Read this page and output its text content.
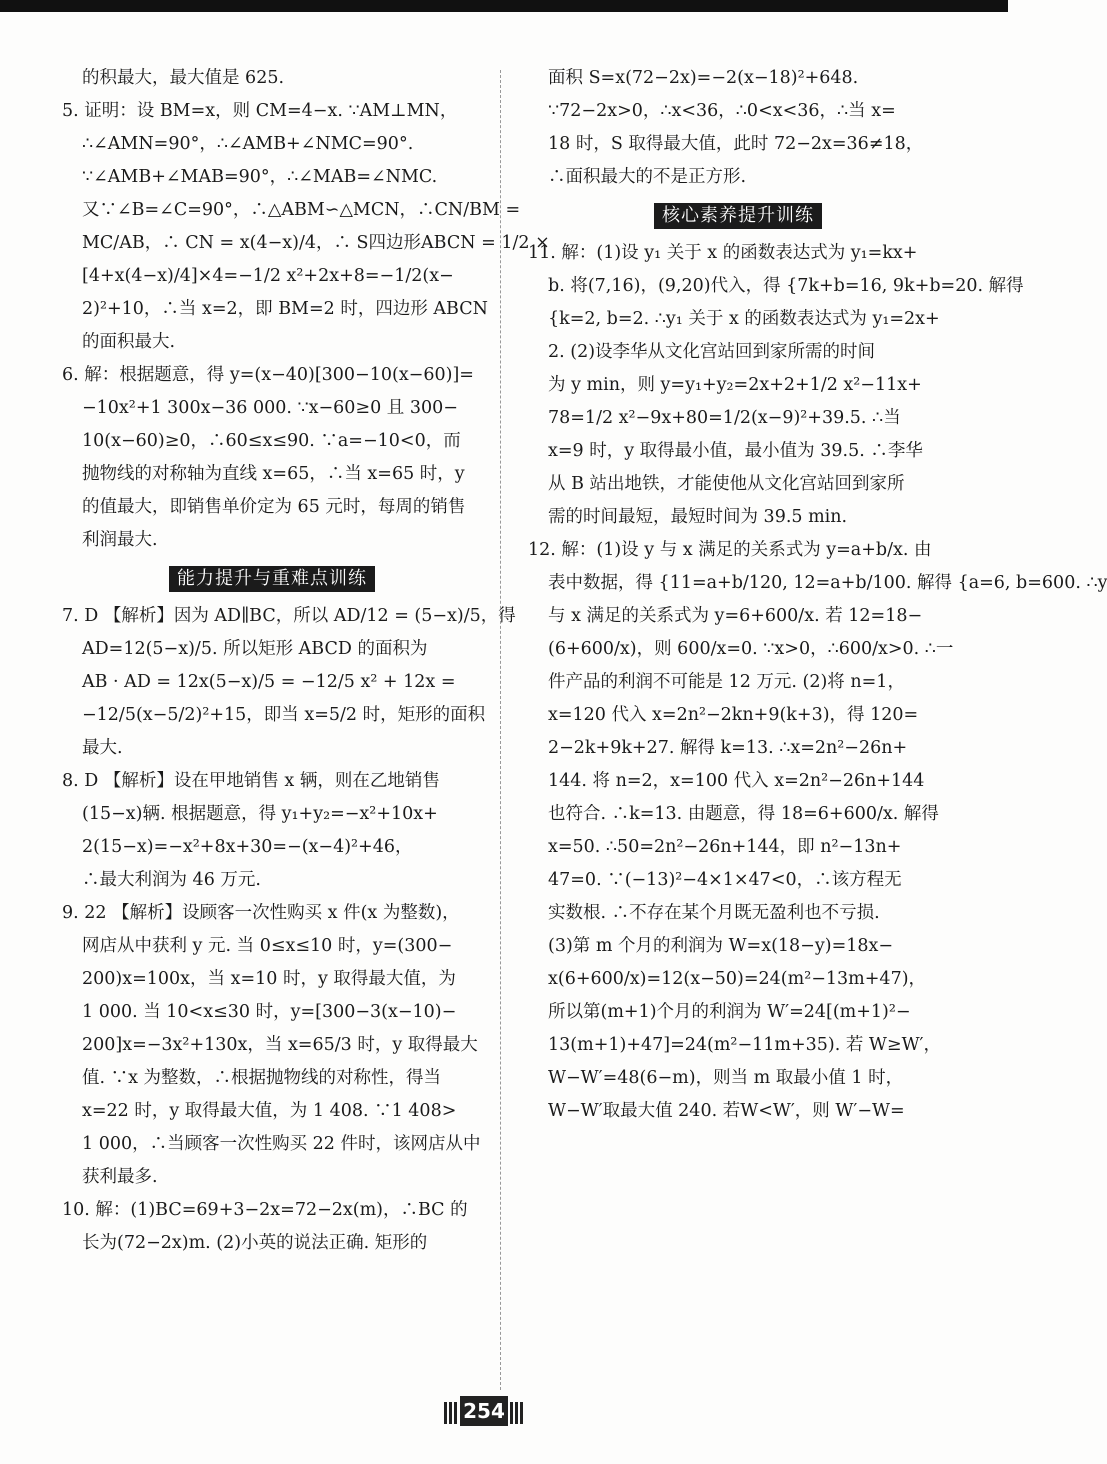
的积最大，最大值是 625.
5. 证明：设 BM=x，则 CM=4−x. ∵AM⊥MN，
∴∠AMN=90°，∴∠AMB+∠NMC=90°.
∵∠AMB+∠MAB=90°，∴∠MAB=∠NMC.
又∵∠B=∠C=90°，∴△ABM∽△MCN，∴CN/BM =
MC/AB，∴ CN = x(4−x)/4，∴ S四边形ABCN = 1/2 ×
[4+x(4−x)/4]×4=−1/2 x²+2x+8=−1/2(x−
2)²+10，∴当 x=2，即 BM=2 时，四边形 ABCN
的面积最大.
6. 解：根据题意，得 y=(x−40)[300−10(x−60)]=
−10x²+1 300x−36 000. ∵x−60≥0 且 300−
10(x−60)≥0，∴60≤x≤90. ∵a=−10<0，而
抛物线的对称轴为直线 x=65，∴当 x=65 时，y
的值最大，即销售单价定为 65 元时，每周的销售
利润最大.
能力提升与重难点训练
7. D 【解析】因为 AD∥BC，所以 AD/12 = (5−x)/5，得
AD=12(5−x)/5. 所以矩形 ABCD 的面积为
AB · AD = 12x(5−x)/5 = −12/5 x² + 12x =
−12/5(x−5/2)²+15，即当 x=5/2 时，矩形的面积
最大.
8. D 【解析】设在甲地销售 x 辆，则在乙地销售
(15−x)辆. 根据题意，得 y₁+y₂=−x²+10x+
2(15−x)=−x²+8x+30=−(x−4)²+46，
∴最大利润为 46 万元.
9. 22 【解析】设顾客一次性购买 x 件(x 为整数)，
网店从中获利 y 元. 当 0≤x≤10 时，y=(300−
200)x=100x，当 x=10 时，y 取得最大值，为
1 000. 当 10<x≤30 时，y=[300−3(x−10)−
200]x=−3x²+130x，当 x=65/3 时，y 取得最大
值. ∵x 为整数，∴根据抛物线的对称性，得当
x=22 时，y 取得最大值，为 1 408. ∵1 408>
1 000，∴当顾客一次性购买 22 件时，该网店从中
获利最多.
10. 解：(1)BC=69+3−2x=72−2x(m)，∴BC 的
长为(72−2x)m. (2)小英的说法正确. 矩形的
面积 S=x(72−2x)=−2(x−18)²+648.
∵72−2x>0，∴x<36，∴0<x<36，∴当 x=
18 时，S 取得最大值，此时 72−2x=36≠18，
∴面积最大的不是正方形.
核心素养提升训练
11. 解：(1)设 y₁ 关于 x 的函数表达式为 y₁=kx+
b. 将(7,16)，(9,20)代入，得 {7k+b=16, 9k+b=20. 解得
{k=2, b=2. ∴y₁ 关于 x 的函数表达式为 y₁=2x+
2. (2)设李华从文化宫站回到家所需的时间
为 y min，则 y=y₁+y₂=2x+2+1/2 x²−11x+
78=1/2 x²−9x+80=1/2(x−9)²+39.5. ∴当
x=9 时，y 取得最小值，最小值为 39.5. ∴李华
从 B 站出地铁，才能使他从文化宫站回到家所
需的时间最短，最短时间为 39.5 min.
12. 解：(1)设 y 与 x 满足的关系式为 y=a+b/x. 由
表中数据，得 {11=a+b/120, 12=a+b/100. 解得 {a=6, b=600. ∴y
与 x 满足的关系式为 y=6+600/x. 若 12=18−
(6+600/x)，则 600/x=0. ∵x>0，∴600/x>0. ∴一
件产品的利润不可能是 12 万元. (2)将 n=1，
x=120 代入 x=2n²−2kn+9(k+3)，得 120=
2−2k+9k+27. 解得 k=13. ∴x=2n²−26n+
144. 将 n=2，x=100 代入 x=2n²−26n+144
也符合. ∴k=13. 由题意，得 18=6+600/x. 解得
x=50. ∴50=2n²−26n+144，即 n²−13n+
47=0. ∵(−13)²−4×1×47<0，∴该方程无
实数根. ∴不存在某个月既无盈利也不亏损.
(3)第 m 个月的利润为 W=x(18−y)=18x−
x(6+600/x)=12(x−50)=24(m²−13m+47)，
所以第(m+1)个月的利润为 W′=24[(m+1)²−
13(m+1)+47]=24(m²−11m+35). 若 W≥W′，
W−W′=48(6−m)，则当 m 取最小值 1 时，
W−W′取最大值 240. 若W<W′，则 W′−W=
254
